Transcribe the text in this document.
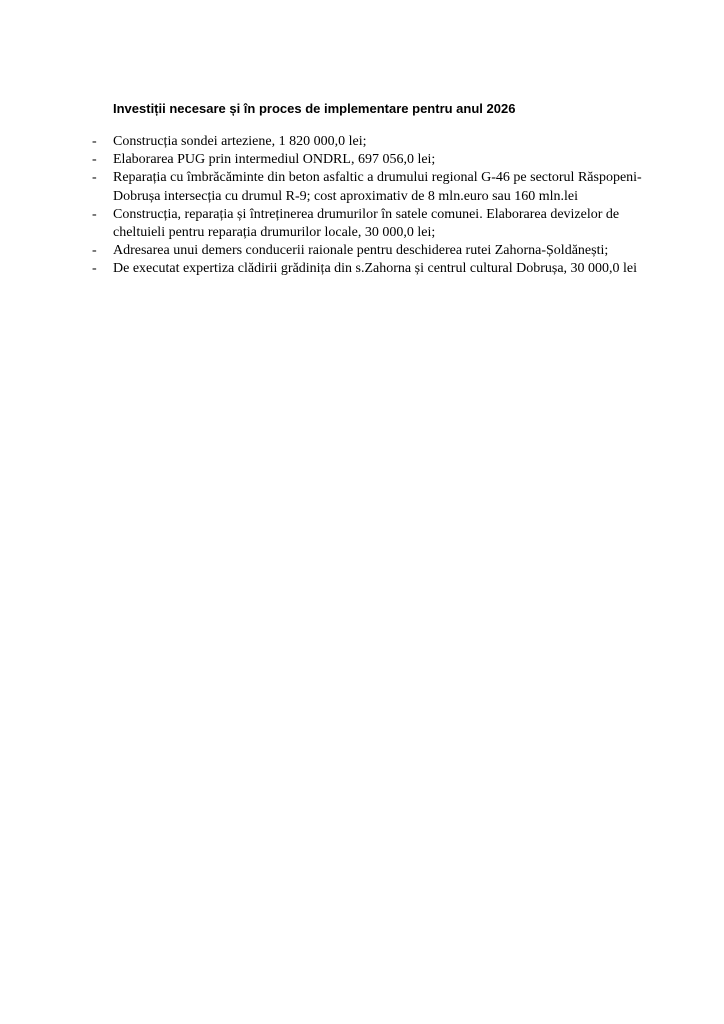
Investiții necesare și în proces de implementare pentru anul 2026
- Construcția sondei arteziene, 1 820 000,0 lei;
- Elaborarea PUG prin intermediul ONDRL, 697 056,0 lei;
- Reparația cu îmbrăcăminte din beton asfaltic a drumului regional G-46 pe sectorul Răspopeni-Dobrușa intersecția cu drumul R-9; cost aproximativ de 8 mln.euro sau 160 mln.lei
- Construcția, reparația și întreținerea drumurilor în satele comunei. Elaborarea devizelor de cheltuieli pentru reparația drumurilor locale, 30 000,0 lei;
- Adresarea unui demers conducerii raionale pentru deschiderea rutei Zahorna-Șoldănești;
- De executat expertiza clădirii grădinița din s.Zahorna și centrul cultural Dobrușa, 30 000,0 lei
